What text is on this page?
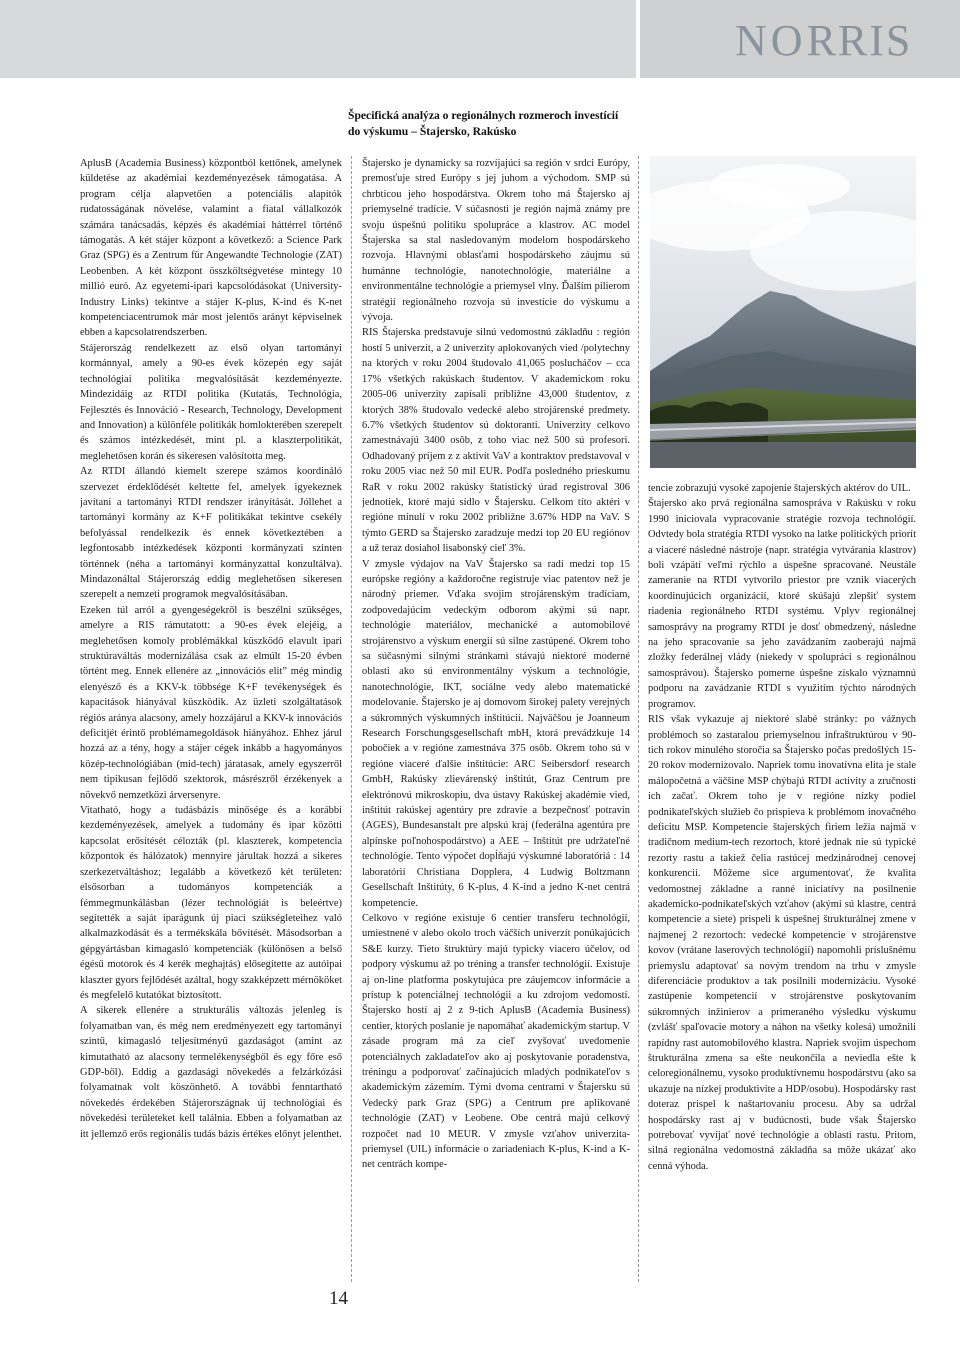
N O RRIS
Špecifická analýza o regionálnych rozmeroch investícií do výskumu – Štajersko, Rakúsko

AplusB (Academia Business) központból kettőnek, amelynek küldetése az akadémiai kezdeményezések támogatása. A program célja alapvetően a potenciális alapítók rudatosságának növelése, valamint a fiatal vállalkozók számára tanácsadás, képzés és akadémiai háttérrel történő támogatás. A két stájer központ a következő: a Science Park Graz (SPG) és a Zentrum für Angewandte Technologie (ZAT) Leobenben. A két központ összköltségvetése mintegy 10 millió euró. Az egyetemi-ipari kapcsolódásokat (University-Industry Links) tekintve a stájer K-plus, K-ind és K-net kompetenciacentrumok már most jelentős arányt képviselnek ebben a kapcsolatrendszerben.

Stájerország rendelkezett az első olyan tartományi kormánnyal, amely a 90-es évek közepén egy saját technológiai politika megvalósítását kezdeményezte. Mindezidáig az RTDI politika (Kutatás, Technológia, Fejlesztés és Innováció - Research, Technology, Development and Innovation) a különféle politikák homlokterében szerepelt és számos intézkedését, mint pl. a klaszterpolitikát, meglehetősen korán és sikeresen valósította meg.

Az RTDI állandó kiemelt szerepe számos koordináló szervezet érdeklődését keltette fel, amelyek igyekeznek javítani a tartományi RTDI rendszer irányítását. Jóllehet a tartományi kormány az K+F politikákat tekintve csekély befolyással rendelkezik és ennek következtében a legfontosabb intézkedések központi kormányzati szinten történnek (néha a tartományi kormányzattal konzultálva). Mindazonáltal Stájerország eddig meglehetősen sikeresen szerepelt a nemzeti programok megvalósításában.

Ezeken túl arról a gyengeségekről is beszélni szükséges, amelyre a RIS rámutatott: a 90-es évek elejéig, a meglehetősen komoly problémákkal küszködő elavult ipari struktúraváltás modernizálása csak az elmúlt 15-20 évben történt meg. Ennek ellenére az „innovációs elit” még mindig elenyésző és a KKV-k többsége K+F tevékenységek és kapacitások hiányával küszködik. Az üzleti szolgáltatások régiós aránya alacsony, amely hozzájárul a KKV-k innovációs deficitjét érintő problémamegoldások hiányához. Ehhez járul hozzá az a tény, hogy a stájer cégek inkább a hagyományos közép-technológiában (mid-tech) járatasak, amely egyszerről nem tipikusan fejlődő szektorok, másrészről érzékenyek a növekvő nemzetközi árversenyre.

Vitatható, hogy a tudásbázis minősége és a korábbi kezdeményezések, amelyek a tudomány és ipar közötti kapcsolat erősítését célozták (pl. klaszterek, kompetencia központok és hálózatok) mennyire járultak hozzá a sikeres szerkezetváltáshoz; legalább a következő két területen: elsősorban a tudományos kompetenciák a fémmegmunkálásban (lézer technológiát is beleértve) segítették a saját iparágunk új piaci szükségleteihez való alkalmazkodását és a termékskála bővítését. Másodsorban a gépgyártásban kimagasló kompetenciák (különösen a belső égésű motorok és 4 kerék meghajtás) elősegítette az autóipai klaszter gyors fejlődését azáltal, hogy szakképzett mérnököket és megfelelő kutatókat biztosított.

A sikerek ellenére a strukturális változás jelenleg is folyamatban van, és még nem eredményezett egy tartományi szintű, kimagasló teljesítményű gazdaságot (amint az kimutatható az alacsony termelékenységből és egy főre eső GDP-ből). Eddig a gazdasági növekedés a felzárkózási folyamatnak volt köszönhető. A további fenntartható növekedés érdekében Stájerországnak új technológiai és növekedési területeket kell találnia. Ebben a folyamatban az itt jellemző erős regionális tudás bázis értékes előnyt jelenthet.

Štajersko je dynamicky sa rozvíjajúci sa región v srdci Európy, premosťuje stred Európy s jej juhom a východom. SMP sú chrbticou jeho hospodárstva. Okrem toho má Štajersko aj priemyselné tradície. V súčasnosti je región najmä známy pre svoju úspešnú politiku spolupráce a klastrov. AC model Štajerska sa stal nasledovaným modelom hospodárskeho rozvoja. Hlavnými oblasťami hospodárskeho záujmu sú humánne technológie, nanotechnológie, materiálne a environmentálne technológie a priemysel vlny. Ďalším pilierom stratégií regionálneho rozvoja sú investície do výskumu a vývoja.

RIS Štajerska predstavuje silnú vedomostnú základňu : región hostí 5 univerzít, a 2 univerzity aplokovaných vied /polytechny na ktorých v roku 2004 študovalo 41,065 poslucháčov – cca 17% všetkých rakúskach študentov. V akademickom roku 2005-06 univerzity zapísali približne 43,000 študentov, z ktorých 38% študovalo vedecké alebo strojárenské predmety. 6.7% všetkých študentov sú doktoranti. Univerzity celkovo zamestnávajú 3400 osôb, z toho viac než 500 sú profesori. Odhadovaný príjem z z aktivít VaV a kontraktov predstavoval v roku 2005 viac než 50 mil EUR. Podľa posledného prieskumu RaR v roku 2002 rakúsky štatistický úrad registroval 306 jednotiek, ktoré majú sídlo v Štajersku. Celkom títo aktéri v regióne minulí v roku 2002 približne 3.67% HDP na VaV. S týmto GERD sa Štajersko zaradzuje medzi top 20 EU regiónov a už teraz dosiahol lisabonský cieľ 3%.

V zmysle výdajov na VaV Štajersko sa radí medzi top 15 európske regióny a každoročne registruje viac patentov než je národný priemer. Vďaka svojim strojárenským tradíciam, zodpovedajúcim vedeckým odborom akými sú napr. technológie materiálov, mechanické a automobilové strojárenstvo a výskum energií sú silne zastúpené. Okrem toho sa súčasnými silnými stránkami stávajú niektoré moderné oblasti ako sú environmentálny výskum a technológie, nanotechnológie, IKT, sociálne vedy alebo matematické modelovanie. Štajersko je aj domovom širokej palety verejných a súkromných výskumných inštitúcií. Najväčšou je Joanneum Research Forschungsgesellschaft mbH, ktorá prevádzkuje 14 pobočiek a v regióne zamestnáva 375 osôb. Okrem toho sú v regióne viaceré ďalšie inštitúcie: ARC Seibersdorf research GmbH, Rakúsky zlievárenský inštitút, Graz Centrum pre elektrónovú mikroskopiu, dva ústavy Rakúskej akadémie vied, inštitút rakúskej agentúry pre zdravie a bezpečnosť potravín (AGES), Bundesanstalt pre alpskú kraj (federálna agentúra pre alpínske poľnohospodárstvo) a AEE – Inštitút pre udržateľné technológie. Tento výpočet dopĺňajú výskumné laboratóriá : 14 laboratórií Christiana Dopplera, 4 Ludwig Boltzmann Gesellschaft Inštitúty, 6 K-plus, 4 K-ind a jedno K-net centrá kompetencie.

Celkovo v regióne existuje 6 centier transferu technológií, umiestnené v alebo okolo troch väčších univerzít ponúkajúcich S&E kurzy. Tieto štruktúry majú typicky viacero účelov, od podpory výskumu až po tréning a transfer technológií. Existuje aj on-line platforma poskytujúca pre záujemcov informácie a prístup k potenciálnej technológii a ku zdrojom vedomostí. Štajersko hostí aj 2 z 9-tich AplusB (Academia Business) centier, ktorých poslanie je napomáhať akademickým startup. V zásade program má za cieľ zvyšovať uvedomenie potenciálnych zakladateľov ako aj poskytovanie poradenstva, tréningu a podporovať začínajúcich mladých podnikateľov s akademickým zázemím. Tými dvoma centrami v Štajersku sú Vedecký park Graz (SPG) a Centrum pre aplikované technológie (ZAT) v Leobene. Obe centrá majú celkový rozpočet nad 10 MEUR. V zmysle vzťahov univerzita-priemysel (UIL) informácie o zariadeniach K-plus, K-ind a K-net centrách kompe-

tencie zobrazujú vysoké zapojenie štajerských aktérov do UIL.

Štajersko ako prvá regionálna samospráva v Rakúsku v roku 1990 iniciovala vypracovanie stratégie rozvoja technológií. Odvtedy bola stratégia RTDI vysoko na latke politických priorít a viaceré následné nástroje (napr. stratégia vytvárania klastrov) boli vzápätí veľmi rýchlo a úspešne spracované. Neustále zameranie na RTDI vytvorilo priestor pre vznik viacerých koordinujúcich organizácií, ktoré skúšajú zlepšiť system riadenia regionálneho RTDI systému. Vplyv regionálnej samosprávy na programy RTDI je dosť obmedzený, následne na jeho spracovanie sa jeho zavádzaním zaoberajú najmä zložky federálnej vlády (niekedy v spolupráci s regionálnou samosprávou). Štajersko pomerne úspešne získalo významnú podporu na zavádzanie RTDI s využitím týchto národných programov.

RIS však vykazuje aj niektoré slabé stránky: po vážnych problémoch so zastaralou priemyselnou infraštruktúrou v 90-tich rokov minulého storočia sa Štajersko počas predošlých 15-20 rokov modernizovalo. Napriek tomu inovatívna elita je stale málopočetná a väčšine MSP chýbajú RTDI activity a zručnosti ich začať. Okrem toho je v regióne nízky podiel podnikateľských služieb čo prispieva k problémom inovačného deficitu MSP. Kompetencie štajerských firiem ležia najmä v tradičnom medium-tech rezortoch, ktoré jednak nie sú typické rezorty rastu a takiež čelia rastúcej medzinárodnej cenovej konkurencii. Môžeme sice argumentovať, že kvalita vedomostnej základne a ranné iniciatívy na posilnenie akademicko-podnikateľských vzťahov (akými sú klastre, centrá kompetencie a siete) prispeli k úspešnej štrukturálnej zmene v najmenej 2 rezortoch: vedecké kompetencie v strojárenstve kovov (vrátane laserových technológií) napomohli príslušnému priemyslu adaptovať sa novým trendom na trhu v zmysle diferenciácie produktov a tak posilnili modernizáciu. Vysoké zastúpenie kompetencií v strojárenstve poskytovaním súkromných inžinierov a primeraného výsledku výskumu (zvlášť spaľovacie motory a náhon na všetky kolesá) umožnili rapídny rast automobilového klastra. Napriek svojim úspechom štrukturálna zmena sa ešte neukončila a neviedla ešte k celoregionálnemu, vysoko produktívnemu hospodárstvu (ako sa ukazuje na nízkej produktivite a HDP/osobu). Hospodársky rast doteraz prispel k naštartovaniu procesu. Aby sa udržal hospodársky rast aj v budúcnosti, bude však Štajersko potrebovať vyvíjať nové technológie a oblasti rastu. Pritom, silná regionálna vedomostná základňa sa môže ukázať ako cenná výhoda.

14
